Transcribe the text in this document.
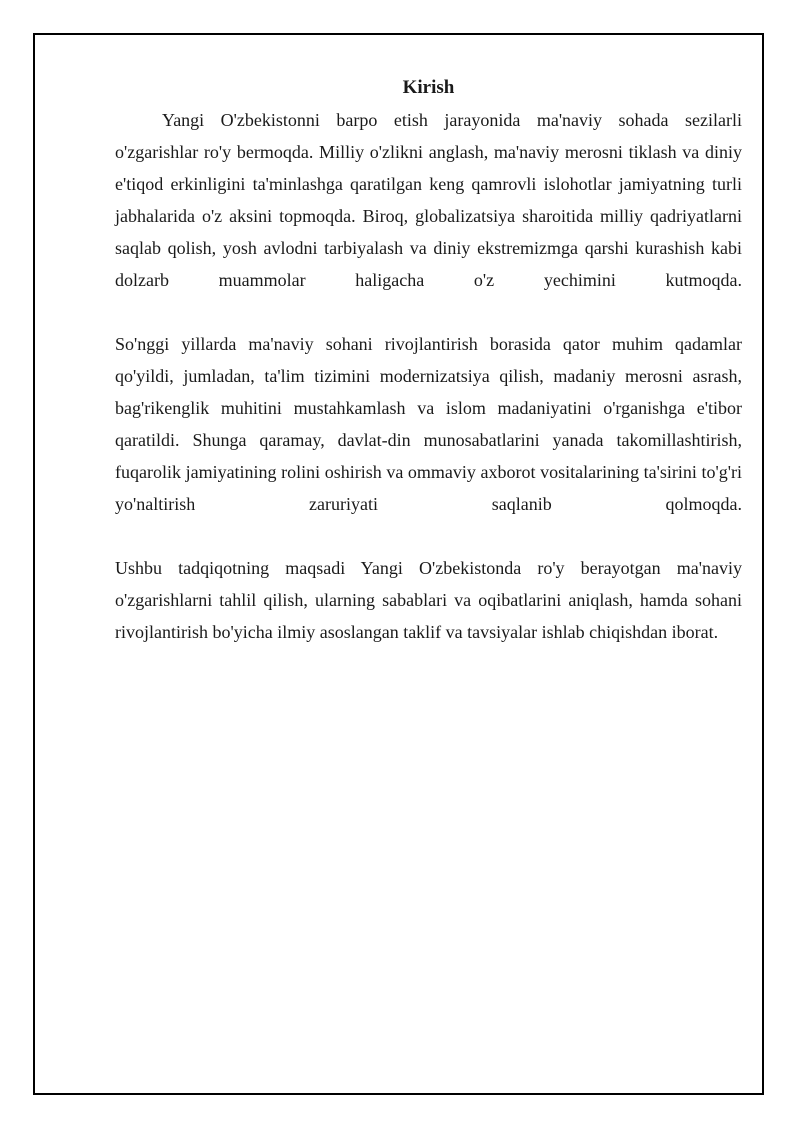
Kirish

Yangi O'zbekistonni barpo etish jarayonida ma'naviy sohada sezilarli o'zgarishlar ro'y bermoqda. Milliy o'zlikni anglash, ma'naviy merosni tiklash va diniy e'tiqod erkinligini ta'minlashga qaratilgan keng qamrovli islohotlar jamiyatning turli jabhalarida o'z aksini topmoqda. Biroq, globalizatsiya sharoitida milliy qadriyatlarni saqlab qolish, yosh avlodni tarbiyalash va diniy ekstremizmga qarshi kurashish kabi dolzarb muammolar haligacha o'z yechimini kutmoqda.

So'nggi yillarda ma'naviy sohani rivojlantirish borasida qator muhim qadamlar qo'yildi, jumladan, ta'lim tizimini modernizatsiya qilish, madaniy merosni asrash, bag'rikenglik muhitini mustahkamlash va islom madaniyatini o'rganishga e'tibor qaratildi. Shunga qaramay, davlat-din munosabatlarini yanada takomillashtirish, fuqarolik jamiyatining rolini oshirish va ommaviy axborot vositalarining ta'sirini to'g'ri yo'naltirish zaruriyati saqlanib qolmoqda.

Ushbu tadqiqotning maqsadi Yangi O'zbekistonda ro'y berayotgan ma'naviy o'zgarishlarni tahlil qilish, ularning sabablari va oqibatlarini aniqlash, hamda sohani rivojlantirish bo'yicha ilmiy asoslangan taklif va tavsiyalar ishlab chiqishdan iborat.
